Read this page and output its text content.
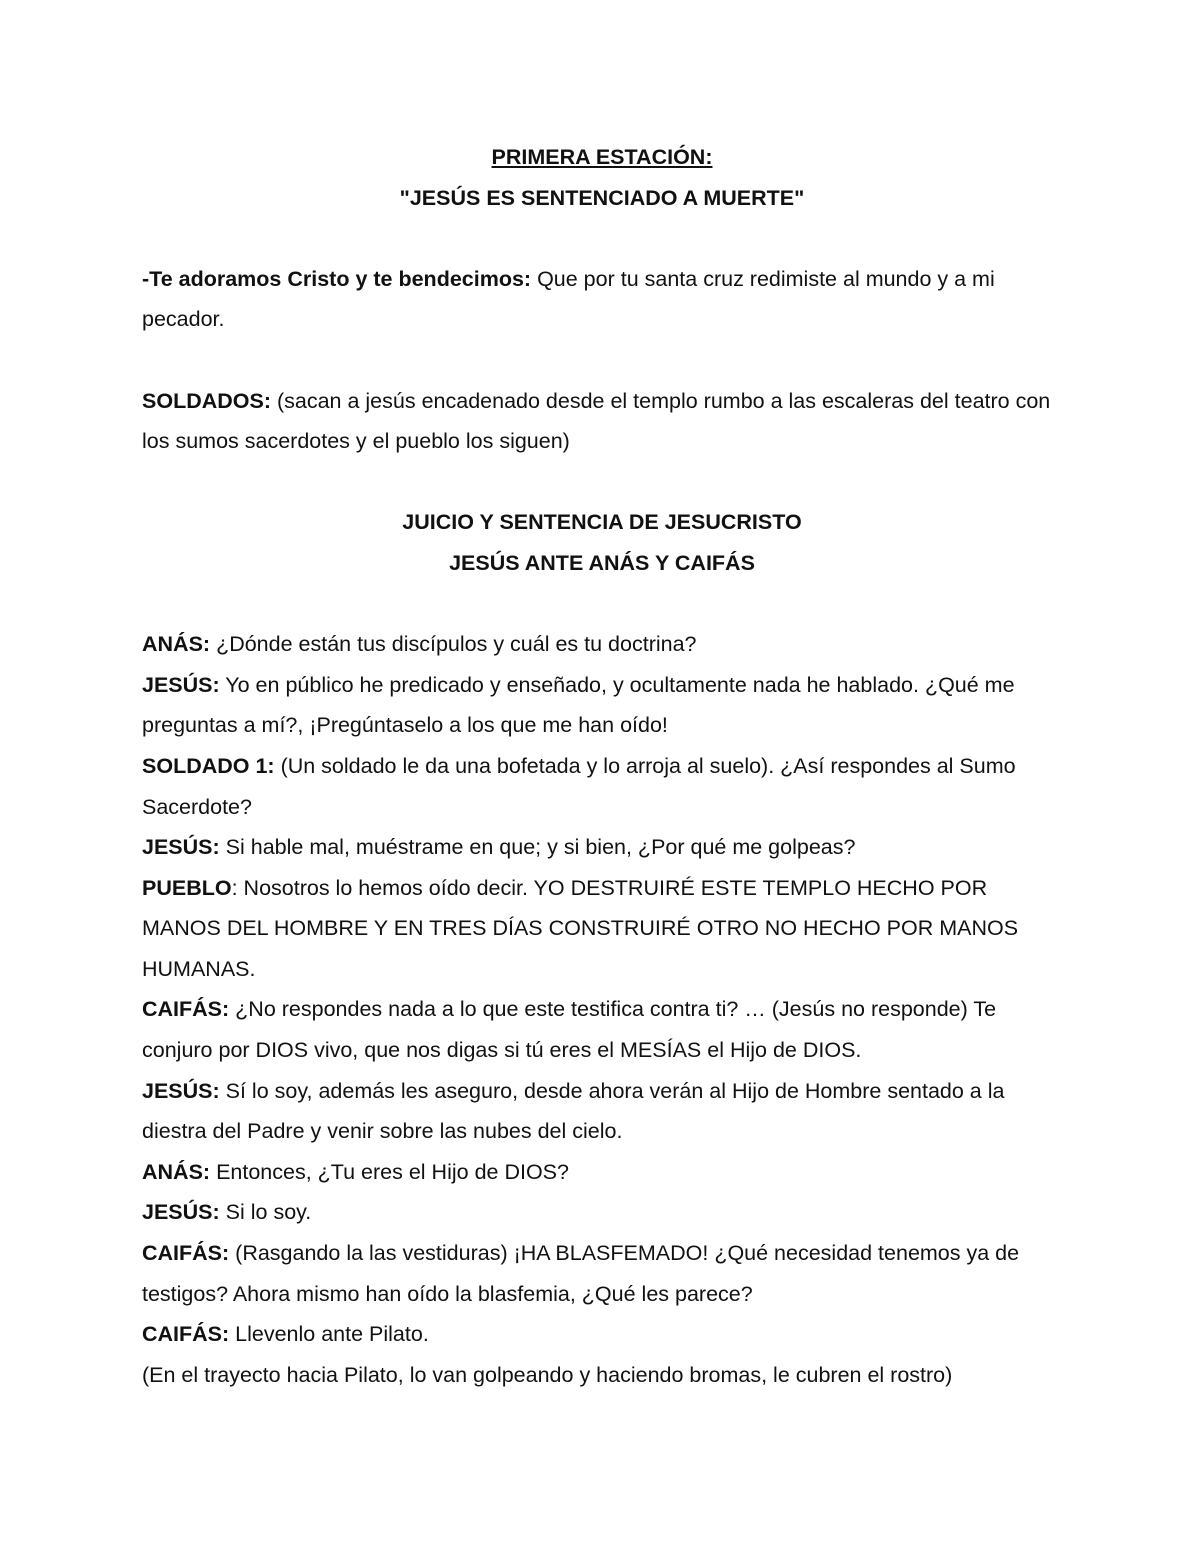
PRIMERA ESTACIÓN:

"JESÚS ES SENTENCIADO A MUERTE"

-Te adoramos Cristo y te bendecimos: Que por tu santa cruz redimiste al mundo y a mi pecador.

SOLDADOS: (sacan a jesús encadenado desde el templo rumbo a las escaleras del teatro con los sumos sacerdotes y el pueblo los siguen)

JUICIO Y SENTENCIA DE JESUCRISTO

JESÚS ANTE ANÁS Y CAIFÁS

ANÁS: ¿Dónde están tus discípulos y cuál es tu doctrina?

JESÚS: Yo en público he predicado y enseñado, y ocultamente nada he hablado. ¿Qué me preguntas a mí?, ¡Pregúntaselo a los que me han oído!

SOLDADO 1: (Un soldado le da una bofetada y lo arroja al suelo). ¿Así respondes al Sumo Sacerdote?

JESÚS: Si hable mal, muéstrame en que; y si bien, ¿Por qué me golpeas?

PUEBLO: Nosotros lo hemos oído decir. YO DESTRUIRÉ ESTE TEMPLO HECHO POR MANOS DEL HOMBRE Y EN TRES DÍAS CONSTRUIRÉ OTRO NO HECHO POR MANOS HUMANAS.

CAIFÁS: ¿No respondes nada a lo que este testifica contra ti? … (Jesús no responde) Te conjuro por DIOS vivo, que nos digas si tú eres el MESÍAS el Hijo de DIOS.

JESÚS: Sí lo soy, además les aseguro, desde ahora verán al Hijo de Hombre sentado a la diestra del Padre y venir sobre las nubes del cielo.

ANÁS: Entonces, ¿Tu eres el Hijo de DIOS?

JESÚS: Si lo soy.

CAIFÁS: (Rasgando la las vestiduras) ¡HA BLASFEMADO! ¿Qué necesidad tenemos ya de testigos? Ahora mismo han oído la blasfemia, ¿Qué les parece?

CAIFÁS: Llevenlo ante Pilato.

(En el trayecto hacia Pilato, lo van golpeando y haciendo bromas, le cubren el rostro)
